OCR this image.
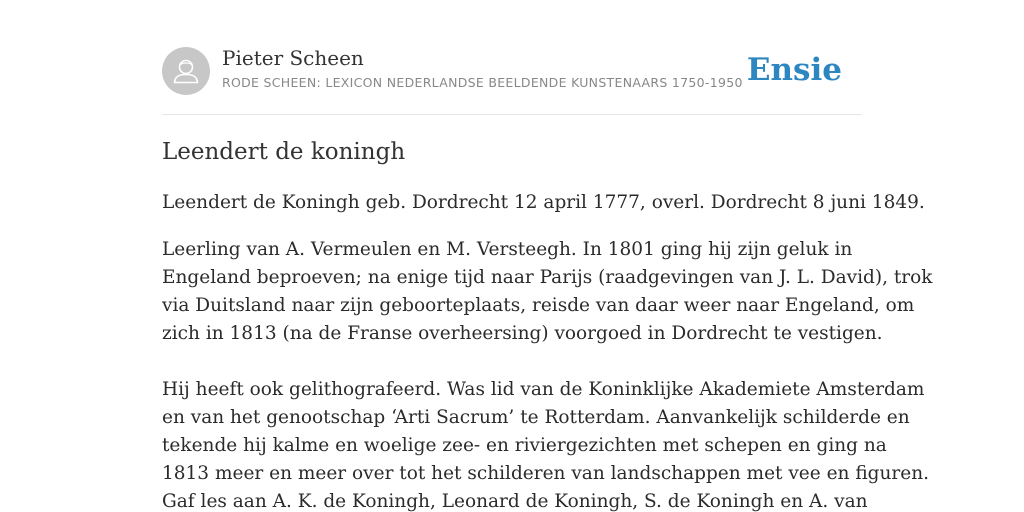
Pieter Scheen
RODE SCHEEN: LEXICON NEDERLANDSE BEELDENDE KUNSTENAARS 1750-1950 Ensie
Leendert de koningh

Leendert de Koningh geb. Dordrecht 12 april 1777, overl. Dordrecht 8 juni 1849.

Leerling van A. Vermeulen en M. Versteegh. In 1801 ging hij zijn geluk in
Engeland beproeven; na enige tijd naar Parijs (raadgevingen van J. L. David), trok
via Duitsland naar zijn geboorteplaats, reisde van daar weer naar Engeland, om
zich in 1813 (na de Franse overheersing) voorgoed in Dordrecht te vestigen.

Hij heeft ook gelithografeerd. Was lid van de Koninklijke Akademiete Amsterdam
en van het genootschap ‘Arti Sacrum’ te Rotterdam. Aanvankelijk schilderde en
tekende hij kalme en woelige zee- en riviergezichten met schepen en ging na
1813 meer en meer over tot het schilderen van landschappen met vee en figuren.
Gaf les aan A. K. de Koningh, Leonard de Koningh, S. de Koningh en A. van
